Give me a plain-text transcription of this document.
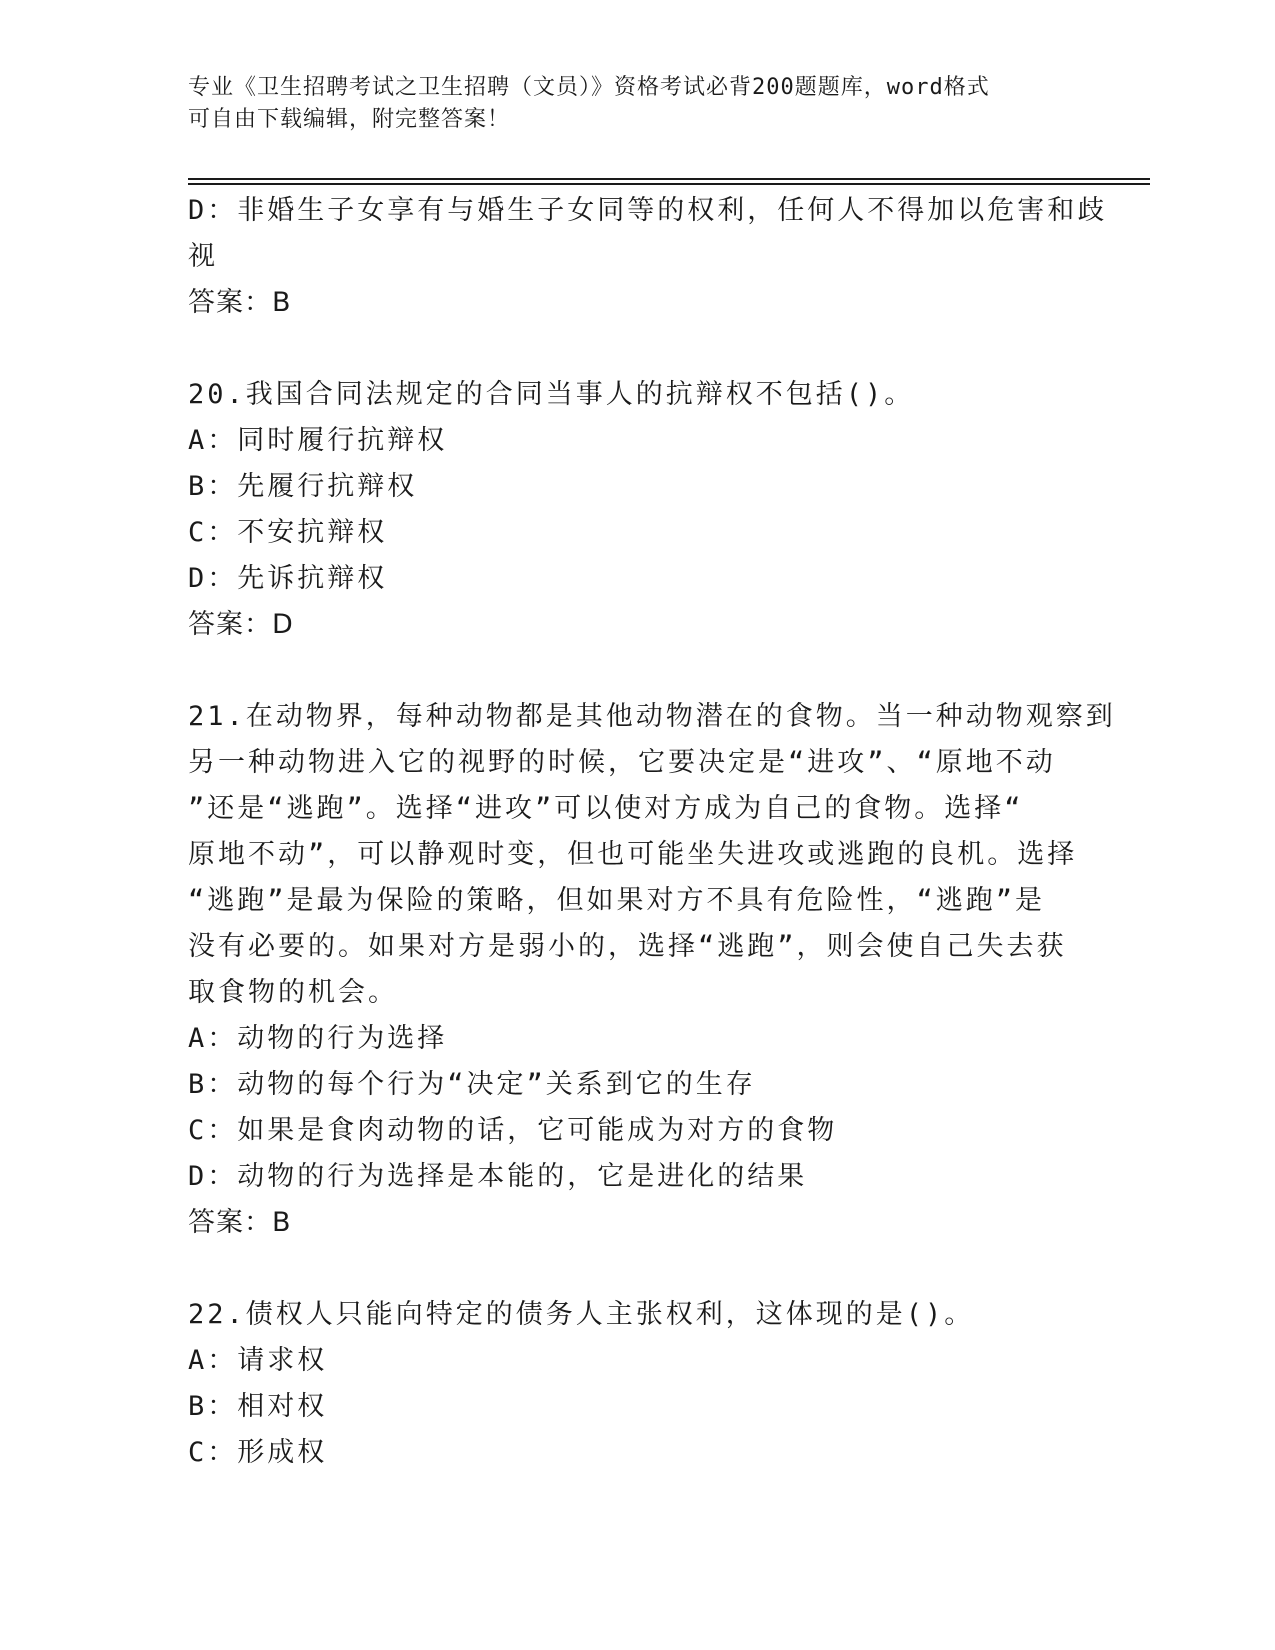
专业《卫生招聘考试之卫生招聘（文员）》资格考试必背200题题库，word格式
可自由下载编辑，附完整答案！
D：非婚生子女享有与婚生子女同等的权利，任何人不得加以危害和歧
视
答案：B
20.我国合同法规定的合同当事人的抗辩权不包括()。
A：同时履行抗辩权
B：先履行抗辩权
C：不安抗辩权
D：先诉抗辩权
答案：D
21.在动物界，每种动物都是其他动物潜在的食物。当一种动物观察到
另一种动物进入它的视野的时候，它要决定是“进攻”、“原地不动
”还是“逃跑”。选择“进攻”可以使对方成为自己的食物。选择“
原地不动”，可以静观时变，但也可能坐失进攻或逃跑的良机。选择
“逃跑”是最为保险的策略，但如果对方不具有危险性，“逃跑”是
没有必要的。如果对方是弱小的，选择“逃跑”，则会使自己失去获
取食物的机会。
A：动物的行为选择
B：动物的每个行为“决定”关系到它的生存
C：如果是食肉动物的话，它可能成为对方的食物
D：动物的行为选择是本能的，它是进化的结果
答案：B
22.债权人只能向特定的债务人主张权利，这体现的是()。
A：请求权
B：相对权
C：形成权
